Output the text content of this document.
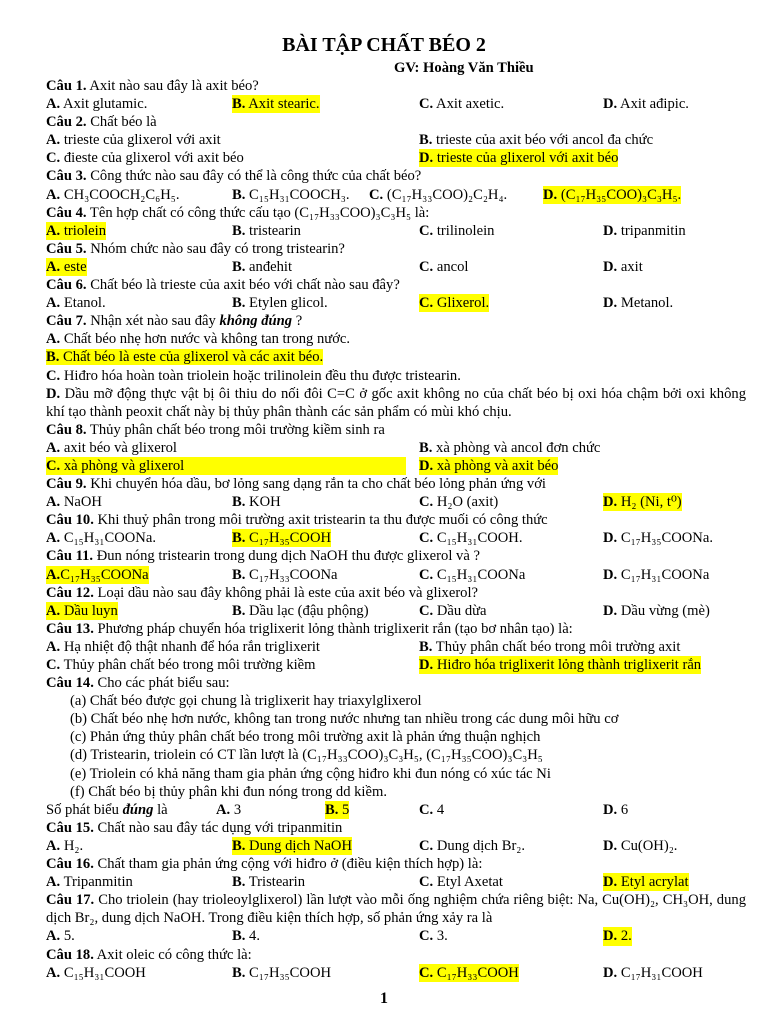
BÀI TẬP CHẤT BÉO 2
GV: Hoàng Văn Thiều
Câu 1. Axit nào sau đây là axit béo?
A. Axit glutamic.	B. Axit stearic.	C. Axit axetic.	D. Axit ađipic.
Câu 2. Chất béo là
A. trieste của glixerol với axit	B. trieste của axit béo với ancol đa chức
C. đieste của glixerol với axit béo	D. trieste của glixerol với axit béo
Câu 3. Công thức nào sau đây có thể là công thức của chất béo?
A. CH₃COOCH₂C₆H₅.	B. C₁₅H₃₁COOCH₃. C. (C₁₇H₃₃COO)₂C₂H₄. D. (C₁₇H₃₅COO)₃C₃H₅.
Câu 4. Tên hợp chất có công thức cấu tạo (C₁₇H₃₃COO)₃C₃H₅ là:
A. triolein	B. tristearin	C. trilinolein	D. tripanmitin
Câu 5. Nhóm chức nào sau đây có trong tristearin?
A. este	B. anđehit	C. ancol	D. axit
Câu 6. Chất béo là trieste của axit béo với chất nào sau đây?
A. Etanol.	B. Etylen glicol.	C. Glixerol.	D. Metanol.
Câu 7. Nhận xét nào sau đây không đúng ?
A. Chất béo nhẹ hơn nước và không tan trong nước.
B. Chất béo là este của glixerol và các axit béo.
C. Hiđro hóa hoàn toàn triolein hoặc trilinolein đều thu được tristearin.
D. Dầu mỡ động thực vật bị ôi thiu do nối đôi C=C ở gốc axit không no của chất béo bị oxi hóa chậm bởi oxi không khí tạo thành peoxit chất này bị thủy phân thành các sản phẩm có mùi khó chịu.
Câu 8. Thủy phân chất béo trong môi trường kiềm sinh ra
A. axit béo và glixerol	B. xà phòng và ancol đơn chức
C. xà phòng và glixerol	D. xà phòng và axit béo
Câu 9. Khi chuyển hóa dầu, bơ lỏng sang dạng rắn ta cho chất béo lỏng phản ứng với
A. NaOH	B. KOH	C. H₂O (axit)	D. H₂ (Ni, t⁰)
Câu 10. Khi thuỷ phân trong môi trường axit tristearin ta thu được muối có công thức
A. C₁₅H₃₁COONa.	B. C₁₇H₃₅COOH	C. C₁₅H₃₁COOH.	D. C₁₇H₃₅COONa.
Câu 11. Đun nóng tristearin trong dung dịch NaOH thu được glixerol và ?
A.C₁₇H₃₅COONa	B. C₁₇H₃₃COONa	C. C₁₅H₃₁COONa	D. C₁₇H₃₁COONa
Câu 12. Loại dầu nào sau đây không phải là este của axit béo và glixerol?
A. Dầu luyn	B. Dầu lạc (đậu phộng)	C. Dầu dừa	D. Dầu vừng (mè)
Câu 13. Phương pháp chuyển hóa triglixerit lỏng thành triglixerit rắn (tạo bơ nhân tạo) là:
A. Hạ nhiệt độ thật nhanh để hóa rắn triglixerit	B. Thủy phân chất béo trong môi trường axit
C. Thủy phân chất béo trong môi trường kiềm	D. Hiđro hóa triglixerit lỏng thành triglixerit rắn
Câu 14. Cho các phát biểu sau:
(a) Chất béo được gọi chung là triglixerit hay triaxylglixerol
(b) Chất béo nhẹ hơn nước, không tan trong nước nhưng tan nhiều trong các dung môi hữu cơ
(c) Phản ứng thủy phân chất béo trong môi trường axit là phản ứng thuận nghịch
(d) Tristearin, triolein có CT lần lượt là (C₁₇H₃₃COO)₃C₃H₅, (C₁₇H₃₅COO)₃C₃H₅
(e) Triolein có khả năng tham gia phản ứng cộng hiđro khi đun nóng có xúc tác Ni
(f) Chất béo bị thủy phân khi đun nóng trong dd kiềm.
Số phát biểu đúng là	A. 3	B. 5	C. 4	D. 6
Câu 15. Chất nào sau đây tác dụng với tripanmitin
A. H₂.	B. Dung dịch NaOH	C. Dung dịch Br₂.	D. Cu(OH)₂.
Câu 16. Chất tham gia phản ứng cộng với hiđro ở (điều kiện thích hợp) là:
A. Tripanmitin	B. Tristearin	C. Etyl Axetat	D. Etyl acrylat
Câu 17. Cho triolein (hay trioleoylglixerol) lần lượt vào mỗi ống nghiệm chứa riêng biệt: Na, Cu(OH)₂, CH₃OH, dung dịch Br₂, dung dịch NaOH. Trong điều kiện thích hợp, số phản ứng xảy ra là
A. 5.	B. 4.	C. 3.	D. 2.
Câu 18. Axit oleic có công thức là:
A. C₁₅H₃₁COOH	B. C₁₇H₃₅COOH	C. C₁₇H₃₃COOH	D. C₁₇H₃₁COOH
1
